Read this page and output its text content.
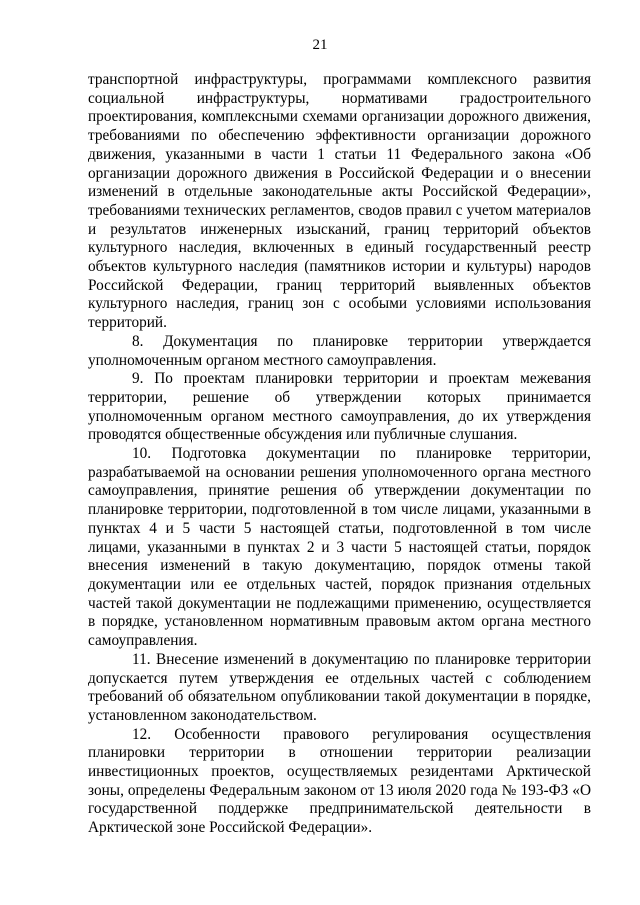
21

транспортной инфраструктуры, программами комплексного развития социальной инфраструктуры, нормативами градостроительного проектирования, комплексными схемами организации дорожного движения, требованиями по обеспечению эффективности организации дорожного движения, указанными в части 1 статьи 11 Федерального закона «Об организации дорожного движения в Российской Федерации и о внесении изменений в отдельные законодательные акты Российской Федерации», требованиями технических регламентов, сводов правил с учетом материалов и результатов инженерных изысканий, границ территорий объектов культурного наследия, включенных в единый государственный реестр объектов культурного наследия (памятников истории и культуры) народов Российской Федерации, границ территорий выявленных объектов культурного наследия, границ зон с особыми условиями использования территорий.

8. Документация по планировке территории утверждается уполномоченным органом местного самоуправления.

9. По проектам планировки территории и проектам межевания территории, решение об утверждении которых принимается уполномоченным органом местного самоуправления, до их утверждения проводятся общественные обсуждения или публичные слушания.

10. Подготовка документации по планировке территории, разрабатываемой на основании решения уполномоченного органа местного самоуправления, принятие решения об утверждении документации по планировке территории, подготовленной в том числе лицами, указанными в пунктах 4 и 5 части 5 настоящей статьи, подготовленной в том числе лицами, указанными в пунктах 2 и 3 части 5 настоящей статьи, порядок внесения изменений в такую документацию, порядок отмены такой документации или ее отдельных частей, порядок признания отдельных частей такой документации не подлежащими применению, осуществляется в порядке, установленном нормативным правовым актом органа местного самоуправления.

11. Внесение изменений в документацию по планировке территории допускается путем утверждения ее отдельных частей с соблюдением требований об обязательном опубликовании такой документации в порядке, установленном законодательством.

12. Особенности правового регулирования осуществления планировки территории в отношении территории реализации инвестиционных проектов, осуществляемых резидентами Арктической зоны, определены Федеральным законом от 13 июля 2020 года № 193-ФЗ «О государственной поддержке предпринимательской деятельности в Арктической зоне Российской Федерации».
